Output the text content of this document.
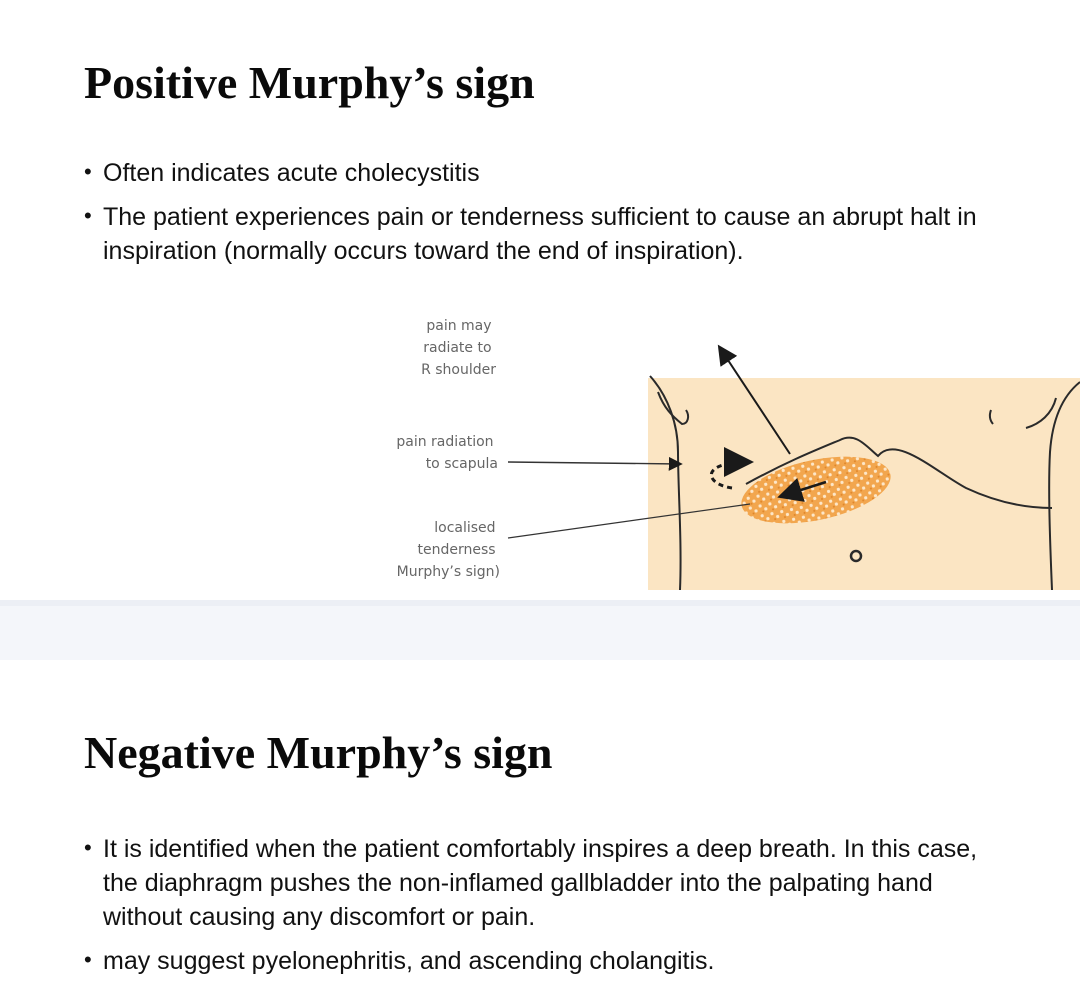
Positive Murphy’s sign
• Often indicates acute cholecystitis
• The patient experiences pain or tenderness sufficient to cause an abrupt halt in inspiration (normally occurs toward the end of inspiration).
pain may radiate to R shoulder
pain radiation to scapula
localised tenderness Murphy’s sign)
Negative Murphy’s sign
• It is identified when the patient comfortably inspires a deep breath. In this case, the diaphragm pushes the non-inflamed gallbladder into the palpating hand without causing any discomfort or pain.
• may suggest pyelonephritis, and ascending cholangitis.
